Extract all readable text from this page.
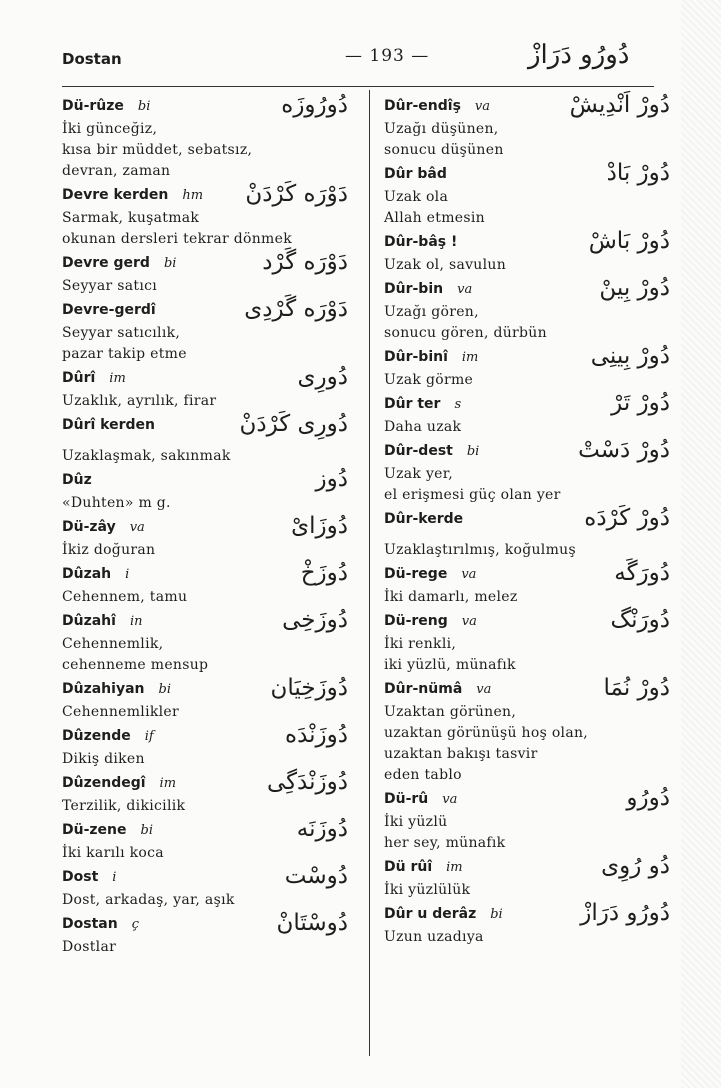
Dostan	— 193 —	دُورُو دَرَازْ
Dü-rûze bi	دُورُوزَه
İki günceğiz,
kısa bir müddet, sebatsız,
devran, zaman
Devre kerden hm دَوْرَه كَرْدَنْ
Sarmak, kuşatmak
okunan dersleri tekrar dönmek
Devre gerd bi	دَوْرَه گَرْد
Seyyar satıcı
Devre-gerdî	دَوْرَه گَرْدِى
Seyyar satıcılık,
pazar takip etme
Dûrî im	دُورِى
Uzaklık, ayrılık, firar
Dûrî kerden	دُورِى كَرْدَنْ
Uzaklaşmak, sakınmak
Dûz	دُوز
«Duhten» m g.
Dü-zây va	دُوزَاىْ
İkiz doğuran
Dûzah i	دُوزَخْ
Cehennem, tamu
Dûzahî in	دُوزَخِى
Cehennemlik,
cehenneme mensup
Dûzahiyan bi	دُوزَخِيَان
Cehennemlikler
Dûzende if	دُوزَنْدَه
Dikiş diken
Dûzendegî im	دُوزَنْدَگِى
Terzilik, dikicilik
Dü-zene bi	دُوزَنَه
İki karılı koca
Dost i	دُوسْت
Dost, arkadaş, yar, aşık
Dostan ç	دُوسْتَانْ
Dostlar
Dûr-endîş va	دُورْ اَنْدِيشْ
Uzağı düşünen,
sonucu düşünen
Dûr bâd	دُورْ بَادْ
Uzak ola
Allah etmesin
Dûr-bâş !	دُورْ بَاشْ
Uzak ol, savulun
Dûr-bin va	دُورْ بِينْ
Uzağı gören,
sonucu gören, dürbün
Dûr-binî im	دُورْ بِينِى
Uzak görme
Dûr ter s	دُورْ تَرْ
Daha uzak
Dûr-dest bi	دُورْ دَسْتْ
Uzak yer,
el erişmesi güç olan yer
Dûr-kerde	دُورْ كَرْدَه
Uzaklaştırılmış, koğulmuş
Dü-rege va	دُورَگَه
İki damarlı, melez
Dü-reng va	دُورَنْگ
İki renkli,
iki yüzlü, münafık
Dûr-nümâ va	دُورْ نُمَا
Uzaktan görünen,
uzaktan görünüşü hoş olan,
uzaktan bakışı tasvir
eden tablo
Dü-rû va	دُورُو
İki yüzlü
her sey, münafık
Dü rûî im	دُو رُوِى
İki yüzlülük
Dûr u derâz bi	دُورُو دَرَازْ
Uzun uzadıya
